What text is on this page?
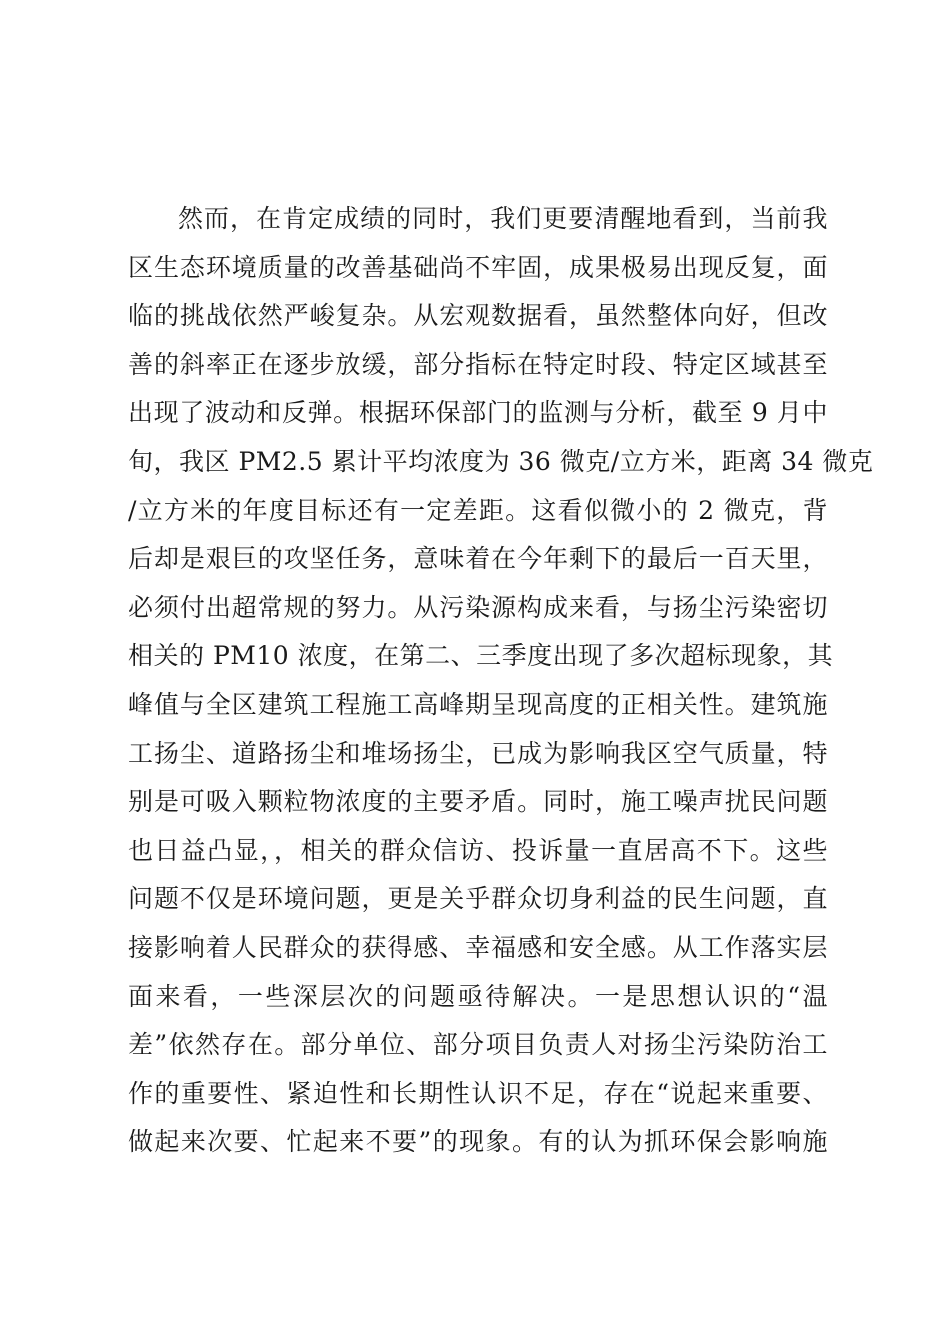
然而，在肯定成绩的同时，我们更要清醒地看到，当前我
区生态环境质量的改善基础尚不牢固，成果极易出现反复，面
临的挑战依然严峻复杂。从宏观数据看，虽然整体向好，但改
善的斜率正在逐步放缓，部分指标在特定时段、特定区域甚至
出现了波动和反弹。根据环保部门的监测与分析，截至 9 月中
旬，我区 PM2.5 累计平均浓度为 36 微克/立方米，距离 34 微克
/立方米的年度目标还有一定差距。这看似微小的 2 微克，背
后却是艰巨的攻坚任务，意味着在今年剩下的最后一百天里，
必须付出超常规的努力。从污染源构成来看，与扬尘污染密切
相关的 PM10 浓度，在第二、三季度出现了多次超标现象，其
峰值与全区建筑工程施工高峰期呈现高度的正相关性。建筑施
工扬尘、道路扬尘和堆场扬尘，已成为影响我区空气质量，特
别是可吸入颗粒物浓度的主要矛盾。同时，施工噪声扰民问题
也日益凸显，，相关的群众信访、投诉量一直居高不下。这些
问题不仅是环境问题，更是关乎群众切身利益的民生问题，直
接影响着人民群众的获得感、幸福感和安全感。从工作落实层
面来看，一些深层次的问题亟待解决。一是思想认识的“温
差”依然存在。部分单位、部分项目负责人对扬尘污染防治工
作的重要性、紧迫性和长期性认识不足，存在“说起来重要、
做起来次要、忙起来不要”的现象。有的认为抓环保会影响施
